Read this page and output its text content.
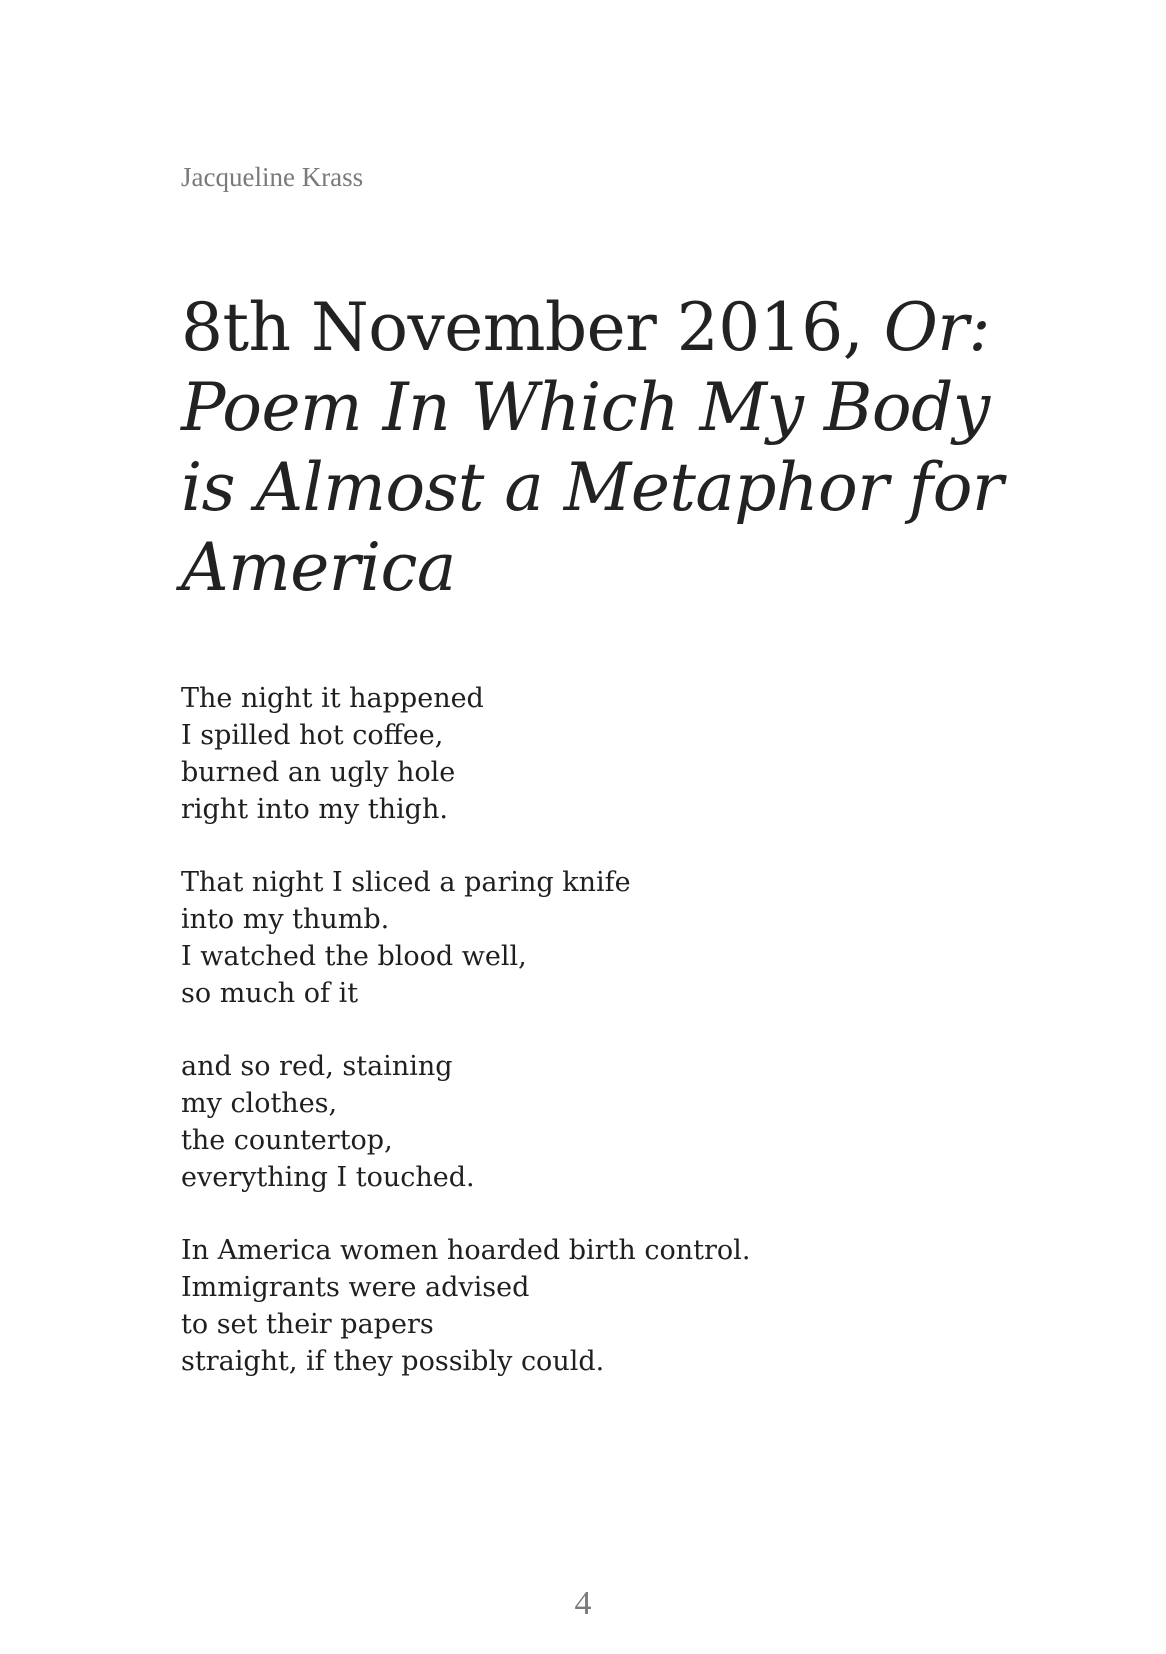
Jacqueline Krass
8th November 2016, Or:
Poem In Which My Body
is Almost a Metaphor for
America
The night it happened
I spilled hot coffee,
burned an ugly hole
right into my thigh.
That night I sliced a paring knife
into my thumb.
I watched the blood well,
so much of it
and so red, staining
my clothes,
the countertop,
everything I touched.
In America women hoarded birth control.
Immigrants were advised
to set their papers
straight, if they possibly could.
4
